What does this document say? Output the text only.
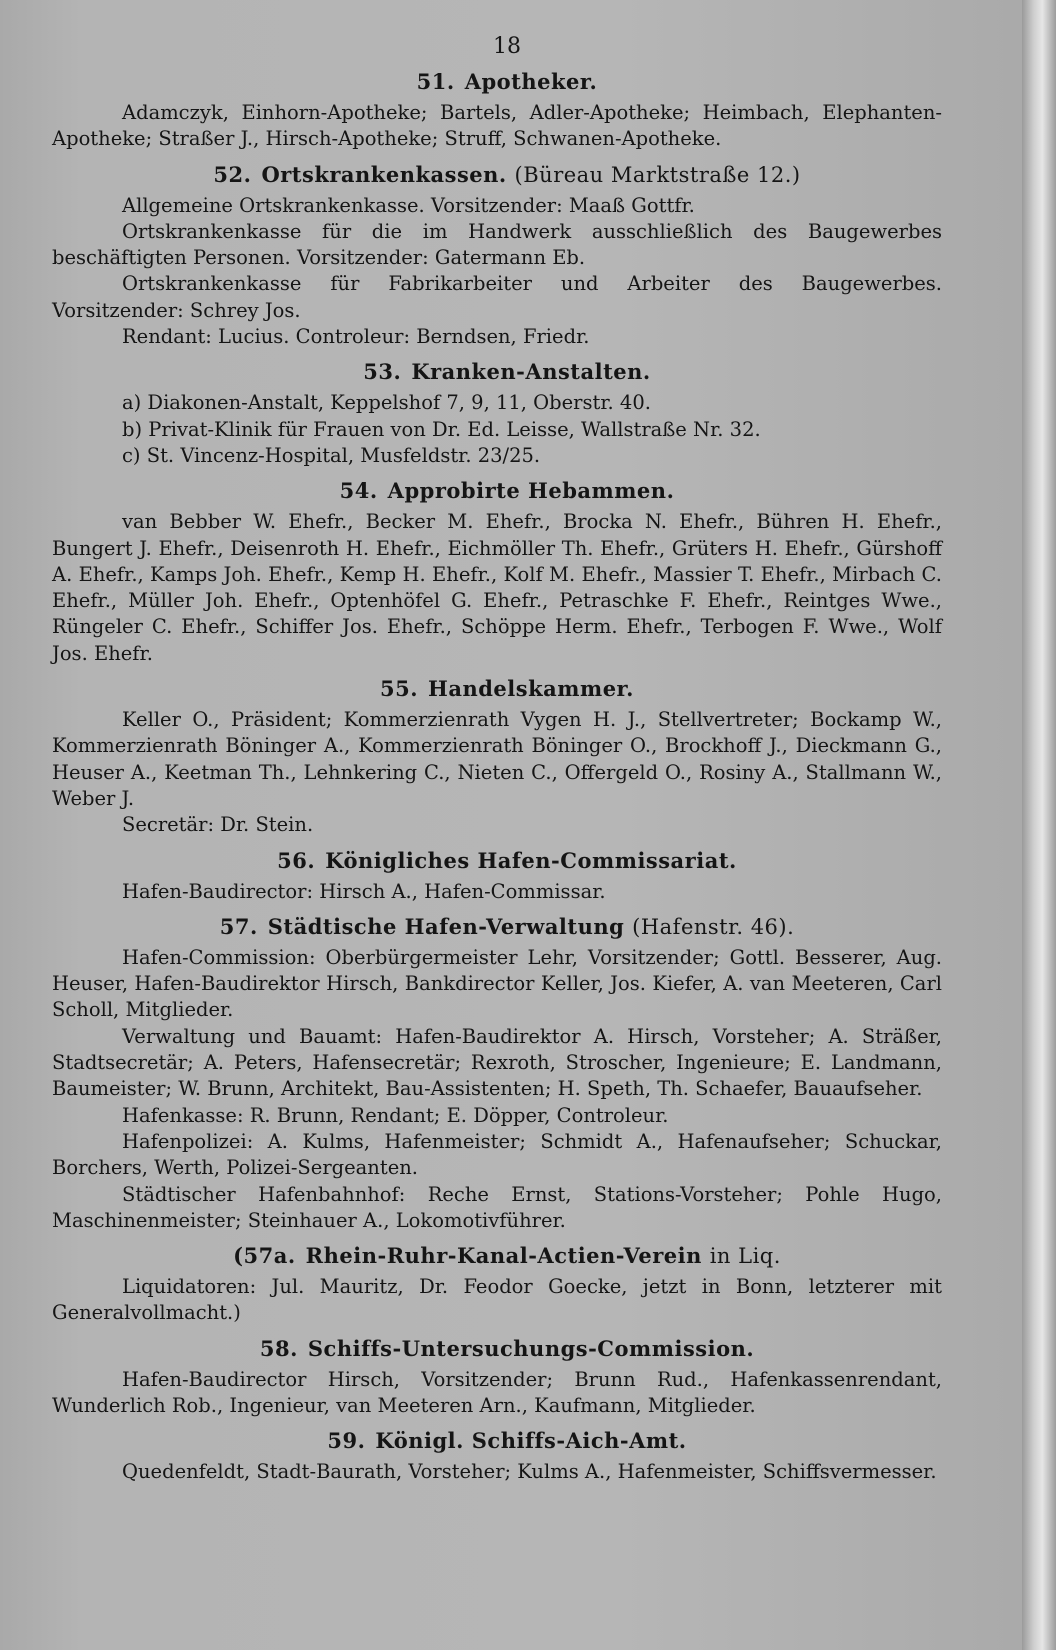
18
51. Apotheker.

Adamczyk, Einhorn-Apotheke; Bartels, Adler-Apotheke; Heimbach, Elephanten-Apotheke; Straßer J., Hirsch-Apotheke; Struff, Schwanen-Apotheke.

52. Ortskrankenkassen. (Büreau Marktstraße 12.)

Allgemeine Ortskrankenkasse. Vorsitzender: Maaß Gottfr.

Ortskrankenkasse für die im Handwerk ausschließlich des Baugewerbes beschäftigten Personen. Vorsitzender: Gatermann Eb.

Ortskrankenkasse für Fabrikarbeiter und Arbeiter des Baugewerbes. Vorsitzender: Schrey Jos.

Rendant: Lucius. Controleur: Berndsen, Friedr.

53. Kranken-Anstalten.

a) Diakonen-Anstalt, Keppelshof 7, 9, 11, Oberstr. 40.

b) Privat-Klinik für Frauen von Dr. Ed. Leisse, Wallstraße Nr. 32.

c) St. Vincenz-Hospital, Musfeldstr. 23/25.

54. Approbirte Hebammen.

van Bebber W. Ehefr., Becker M. Ehefr., Brocka N. Ehefr., Bühren H. Ehefr., Bungert J. Ehefr., Deisenroth H. Ehefr., Eichmöller Th. Ehefr., Grüters H. Ehefr., Gürshoff A. Ehefr., Kamps Joh. Ehefr., Kemp H. Ehefr., Kolf M. Ehefr., Massier T. Ehefr., Mirbach C. Ehefr., Müller Joh. Ehefr., Optenhöfel G. Ehefr., Petraschke F. Ehefr., Reintges Wwe., Rüngeler C. Ehefr., Schiffer Jos. Ehefr., Schöppe Herm. Ehefr., Terbogen F. Wwe., Wolf Jos. Ehefr.

55. Handelskammer.

Keller O., Präsident; Kommerzienrath Vygen H. J., Stellvertreter; Bockamp W., Kommerzienrath Böninger A., Kommerzienrath Böninger O., Brockhoff J., Dieckmann G., Heuser A., Keetman Th., Lehnkering C., Nieten C., Offergeld O., Rosiny A., Stallmann W., Weber J.

Secretär: Dr. Stein.

56. Königliches Hafen-Commissariat.

Hafen-Baudirector: Hirsch A., Hafen-Commissar.

57. Städtische Hafen-Verwaltung (Hafenstr. 46).

Hafen-Commission: Oberbürgermeister Lehr, Vorsitzender; Gottl. Besserer, Aug. Heuser, Hafen-Baudirektor Hirsch, Bankdirector Keller, Jos. Kiefer, A. van Meeteren, Carl Scholl, Mitglieder.

Verwaltung und Bauamt: Hafen-Baudirektor A. Hirsch, Vorsteher; A. Sträßer, Stadtsecretär; A. Peters, Hafensecretär; Rexroth, Stroscher, Ingenieure; E. Landmann, Baumeister; W. Brunn, Architekt, Bau-Assistenten; H. Speth, Th. Schaefer, Bauaufseher.

Hafenkasse: R. Brunn, Rendant; E. Döpper, Controleur.

Hafenpolizei: A. Kulms, Hafenmeister; Schmidt A., Hafenaufseher; Schuckar, Borchers, Werth, Polizei-Sergeanten.

Städtischer Hafenbahnhof: Reche Ernst, Stations-Vorsteher; Pohle Hugo, Maschinenmeister; Steinhauer A., Lokomotivführer.

(57a. Rhein-Ruhr-Kanal-Actien-Verein in Liq.

Liquidatoren: Jul. Mauritz, Dr. Feodor Goecke, jetzt in Bonn, letzterer mit Generalvollmacht.)

58. Schiffs-Untersuchungs-Commission.

Hafen-Baudirector Hirsch, Vorsitzender; Brunn Rud., Hafenkassenrendant, Wunderlich Rob., Ingenieur, van Meeteren Arn., Kaufmann, Mitglieder.

59. Königl. Schiffs-Aich-Amt.

Quedenfeldt, Stadt-Baurath, Vorsteher; Kulms A., Hafenmeister, Schiffsvermesser.
